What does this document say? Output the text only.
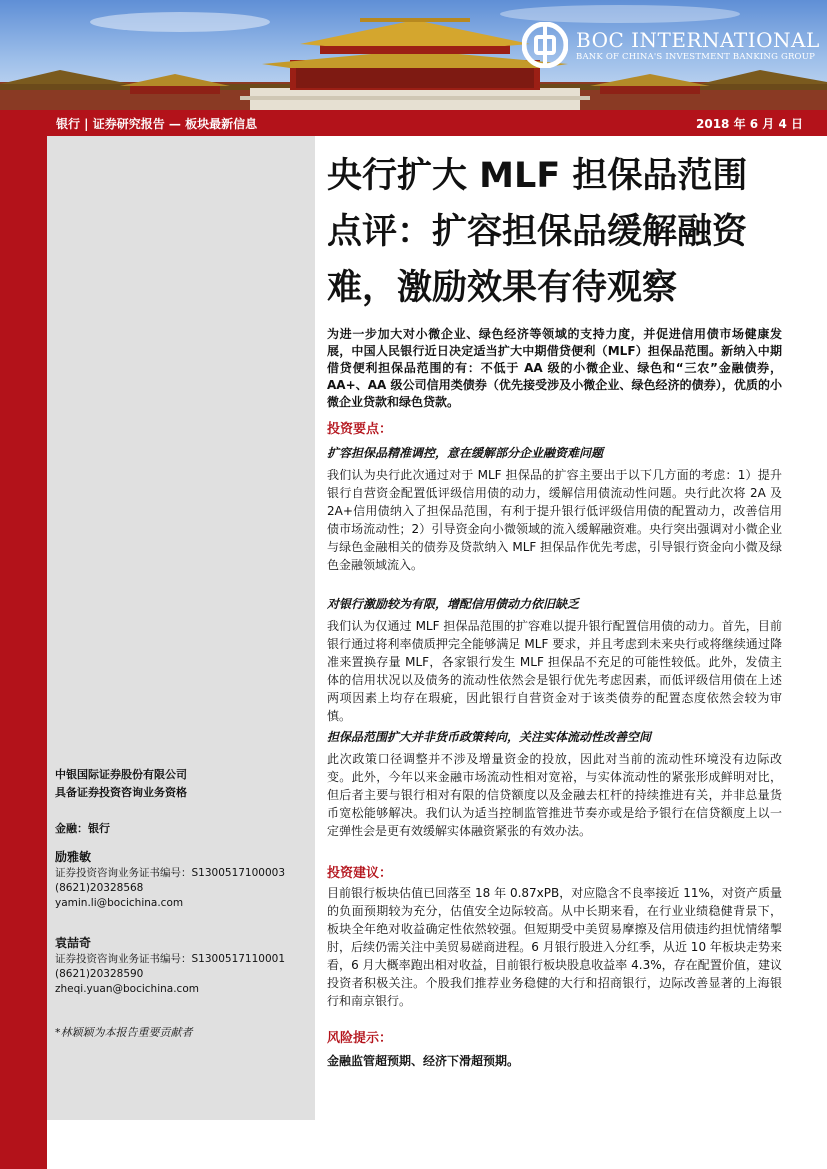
BOC INTERNATIONAL
BANK OF CHINA'S INVESTMENT BANKING GROUP
银行 | 证券研究报告 — 板块最新信息	2018 年 6 月 4 日
中银国际证券股份有限公司
具备证券投资咨询业务资格
金融：银行
励雅敏
证券投资咨询业务证书编号：S1300517100003
(8621)20328568
yamin.li@bocichina.com
袁喆奇
证券投资咨询业务证书编号：S1300517110001
(8621)20328590
zheqi.yuan@bocichina.com
*林颖颖为本报告重要贡献者
央行扩大 MLF 担保品范围
点评：扩容担保品缓解融资
难，激励效果有待观察
为进一步加大对小微企业、绿色经济等领域的支持力度，并促进信用债市场健康发展，中国人民银行近日决定适当扩大中期借贷便利（MLF）担保品范围。新纳入中期借贷便利担保品范围的有：不低于 AA 级的小微企业、绿色和“三农”金融债券，AA+、AA 级公司信用类债券（优先接受涉及小微企业、绿色经济的债券），优质的小微企业贷款和绿色贷款。
投资要点：
扩容担保品精准调控，意在缓解部分企业融资难问题
我们认为央行此次通过对于 MLF 担保品的扩容主要出于以下几方面的考虑：1）提升银行自营资金配置低评级信用债的动力，缓解信用债流动性问题。央行此次将 2A 及 2A+信用债纳入了担保品范围，有利于提升银行低评级信用债的配置动力，改善信用债市场流动性；2）引导资金向小微领域的流入缓解融资难。央行突出强调对小微企业与绿色金融相关的债券及贷款纳入 MLF 担保品作优先考虑，引导银行资金向小微及绿色金融领域流入。
对银行激励较为有限，增配信用债动力依旧缺乏
我们认为仅通过 MLF 担保品范围的扩容难以提升银行配置信用债的动力。首先，目前银行通过将利率债质押完全能够满足 MLF 要求，并且考虑到未来央行或将继续通过降准来置换存量 MLF，各家银行发生 MLF 担保品不充足的可能性较低。此外，发债主体的信用状况以及债务的流动性依然会是银行优先考虑因素，而低评级信用债在上述两项因素上均存在瑕疵，因此银行自营资金对于该类债券的配置态度依然会较为审慎。
担保品范围扩大并非货币政策转向，关注实体流动性改善空间
此次政策口径调整并不涉及增量资金的投放，因此对当前的流动性环境没有边际改变。此外，今年以来金融市场流动性相对宽裕，与实体流动性的紧张形成鲜明对比，但后者主要与银行相对有限的信贷额度以及金融去杠杆的持续推进有关，并非总量货币宽松能够解决。我们认为适当控制监管推进节奏亦或是给予银行在信贷额度上以一定弹性会是更有效缓解实体融资紧张的有效办法。
投资建议：
目前银行板块估值已回落至 18 年 0.87xPB，对应隐含不良率接近 11%，对资产质量的负面预期较为充分，估值安全边际较高。从中长期来看，在行业业绩稳健背景下，板块全年绝对收益确定性依然较强。但短期受中美贸易摩擦及信用债违约担忧情绪掣肘，后续仍需关注中美贸易磋商进程。6 月银行股进入分红季，从近 10 年板块走势来看，6 月大概率跑出相对收益，目前银行板块股息收益率 4.3%，存在配置价值，建议投资者积极关注。个股我们推荐业务稳健的大行和招商银行，边际改善显著的上海银行和南京银行。
风险提示：
金融监管超预期、经济下滑超预期。
